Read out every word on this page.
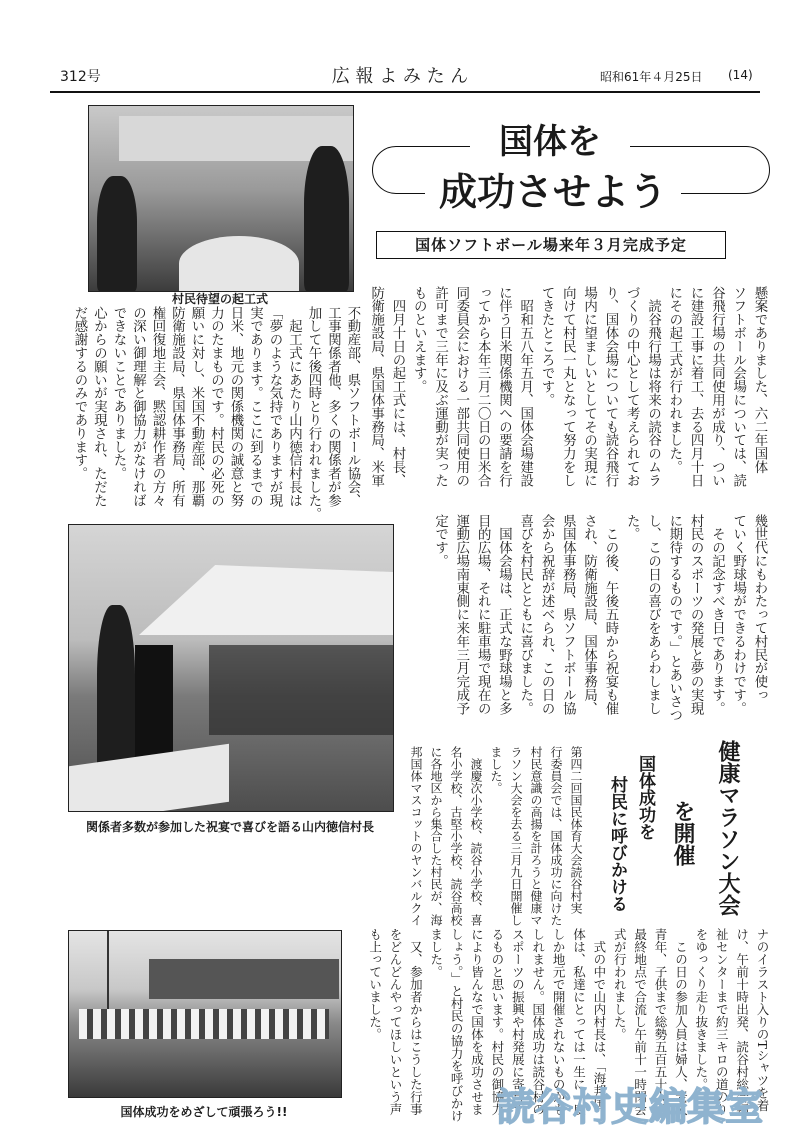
312号	広 報 よ み た ん	昭和61年４月25日 (14)
村民待望の起工式
国体を
成功させよう
国体ソフトボール場来年３月完成予定
懸案でありました、六二年国体
ソフトボール会場については、読
谷飛行場の共同使用が成り、つい
に建設工事に着工、去る四月十日
にその起工式が行われました。
　読谷飛行場は将来の読谷のムラ
づくりの中心として考えられてお
り、国体会場についても読谷飛行
場内に望ましいとしてその実現に
向けて村民一丸となって努力をし
てきたところです。
　昭和五八年五月、国体会場建設
に伴う日米関係機関への要請を行
ってから本年三月二〇日の日米合
同委員会における一部共同使用の
許可まで三年に及ぶ運動が実った
ものといえます。
　四月十日の起工式には、村長、
防衛施設局、県国体事務局、米軍
不動産部、県ソフトボール協会、
工事関係者他、多くの関係者が参
加して午後四時とり行われました。
　起工式にあたり山内徳信村長は
「夢のような気持でありますが現
実であります。ここに到るまでの
日米、地元の関係機関の誠意と努
力のたまものです。村民の必死の
願いに対し、米国不動産部、那覇
防衛施設局、県国体事務局、所有
権回復地主会、黙認耕作者の方々
の深い御理解と御協力がなければ
できないことでありました。
心からの願いが実現され、ただた
だ感謝するのみであります。
幾世代にもわたって村民が使っ
ていく野球場ができるわけです。
　その記念すべき日であります。
村民のスポーツの発展と夢の実現
に期待するものです。」とあいさつ
し、この日の喜びをあらわしまし
た。
　この後、午後五時から祝宴も催
され、防衛施設局、国体事務局、
県国体事務局、県ソフトボール協
会から祝辞が述べられ、この日の
喜びを村民とともに喜びました。
　国体会場は、正式な野球場と多
目的広場、それに駐車場で現在の
運動広場南東側に来年三月完成予
定です。
関係者多数が参加した祝宴で喜びを語る山内徳信村長	健康マラソン大会
を開催
国体成功を
村民に呼びかける
第四二回国民体育大会読谷村実
行委員会では、国体成功に向けた
村民意識の高揚を計ろうと健康マ
ラソン大会を去る三月九日開催し
ました。
　渡慶次小学校、読谷小学校、喜
名小学校、古堅小学校、読谷高校
に各地区から集合した村民が、海
邦国体マスコットのヤンバルクイ
ナのイラスト入りのTシャツを着
け、午前十時出発、読谷村総合福
祉センターまで約三キロの道のり
をゆっくり走り抜きました。
　この日の参加人員は婦人、老人
青年、子供まで総勢五百五十人。
最終地点で合流し午前十一時閉会
式が行われました。
　式の中で山内村長は、「海邦国
体は、私達にとっては一生に一度
しか地元で開催されないものかも
しれません。国体成功は読谷村の
スポーツの振興や村発展に寄与す
るものと思います。村民の御協力
により皆んなで国体を成功させま
しょう。」と村民の協力を呼びかけ
ました。
　又、参加者からはこうした行事
をどんどんやってほしいという声
も上っていました。
国体成功をめざして頑張ろう!!	読谷村史編集室
